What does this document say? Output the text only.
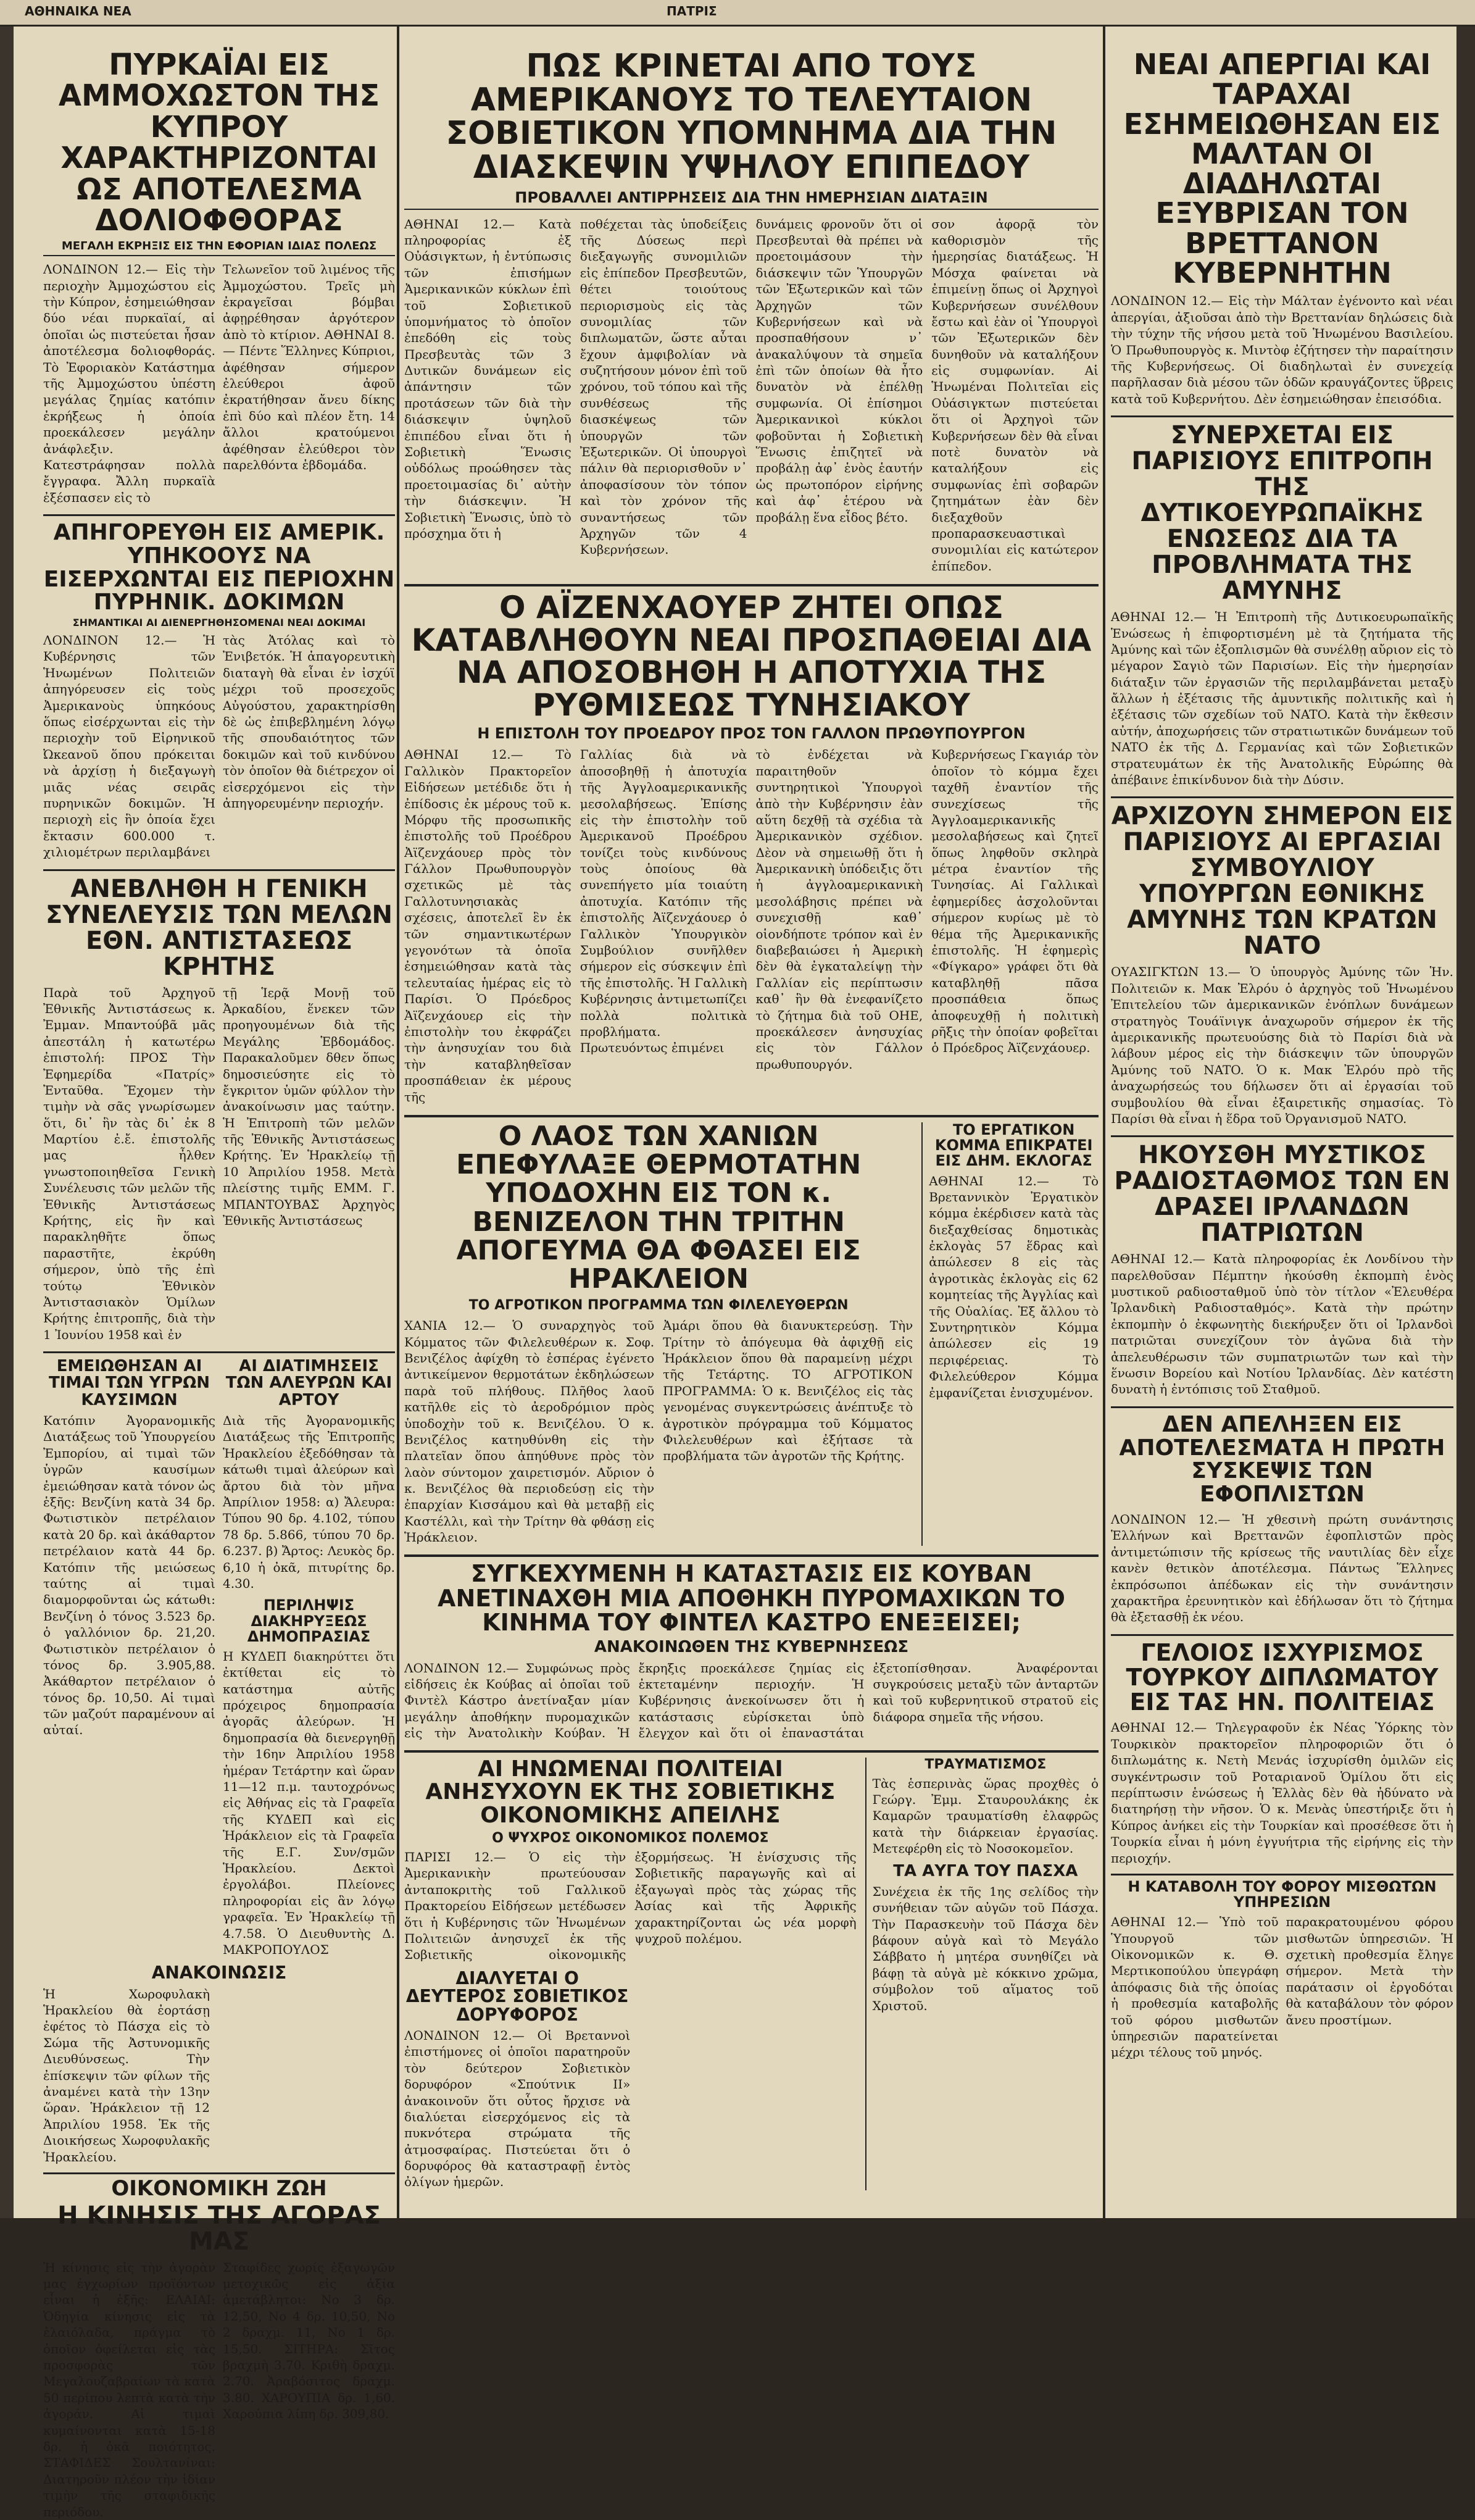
ΑΘΗΝΑΙΚΑ ΝΕΑ	ΠΑΤΡΙΣ
ΠΥΡΚΑΪΑΙ ΕΙΣ ΑΜΜΟΧΩΣΤΟΝ ΤΗΣ ΚΥΠΡΟΥ ΧΑΡΑΚΤΗΡΙΖΟΝΤΑΙ ΩΣ ΑΠΟΤΕΛΕΣΜΑ ΔΟΛΙΟΦΘΟΡΑΣ
ΜΕΓΑΛΗ ΕΚΡΗΞΙΣ ΕΙΣ ΤΗΝ ΕΦΟΡΙΑΝ ΙΔΙΑΣ ΠΟΛΕΩΣ
ΛΟΝΔΙΝΟΝ 12.— Εἰς τὴν περιοχὴν Ἀμμοχώστου εἰς τὴν Κύπρον, ἐσημειώθησαν δύο νέαι πυρκαϊαί, αἱ ὁποῖαι ὡς πιστεύεται ἦσαν ἀποτέλεσμα δολιοφθοράς. Τὸ Ἐφοριακὸν Κατάστημα τῆς Ἀμμοχώστου ὑπέστη μεγάλας ζημίας κατόπιν ἐκρήξεως ἡ ὁποία προεκάλεσεν μεγάλην ἀνάφλεξιν. Κατεστράφησαν πολλὰ ἔγγραφα. Ἄλλη πυρκαϊὰ ἐξέσπασεν εἰς τὸ
Τελωνεῖον τοῦ λιμένος τῆς Ἀμμοχώστου. Τρεῖς μὴ ἐκραγεῖσαι βόμβαι ἀφῃρέθησαν ἀργότερον ἀπὸ τὸ κτίριον. ΑΘΗΝΑΙ 8.— Πέντε Ἕλληνες Κύπριοι, ἀφέθησαν σήμερον ἐλεύθεροι ἀφοῦ ἐκρατήθησαν ἄνευ δίκης ἐπὶ δύο καὶ πλέον ἔτη. 14 ἄλλοι κρατούμενοι ἀφέθησαν ἐλεύθεροι τὸν παρελθόντα ἑβδομάδα.
ΑΠΗΓΟΡΕΥΘΗ ΕΙΣ ΑΜΕΡΙΚ. ΥΠΗΚΟΟΥΣ ΝΑ ΕΙΣΕΡΧΩΝΤΑΙ ΕΙΣ ΠΕΡΙΟΧΗΝ ΠΥΡΗΝΙΚ. ΔΟΚΙΜΩΝ
ΣΗΜΑΝΤΙΚΑΙ ΑΙ ΔΙΕΝΕΡΓΗΘΗΣΟΜΕΝΑΙ ΝΕΑΙ ΔΟΚΙΜΑΙ
ΛΟΝΔΙΝΟΝ 12.— Ἡ Κυβέρνησις τῶν Ἡνωμένων Πολιτειῶν ἀπηγόρευσεν εἰς τοὺς Ἀμερικανοὺς ὑπηκόους ὅπως εἰσέρχωνται εἰς τὴν περιοχὴν τοῦ Εἰρηνικοῦ Ὠκεανοῦ ὅπου πρόκειται νὰ ἀρχίσῃ ἡ διεξαγωγὴ μιᾶς νέας σειρᾶς πυρηνικῶν δοκιμῶν. Ἡ περιοχὴ εἰς ἣν ὁποία ἔχει ἔκτασιν 600.000 τ. χιλιομέτρων περιλαμβάνει
τὰς Ἀτόλας καὶ τὸ Ἐνιβετόκ. Ἡ ἀπαγορευτικὴ διαταγὴ θὰ εἶναι ἐν ἰσχύϊ μέχρι τοῦ προσεχοῦς Αὐγούστου, χαρακτηρίσθη δὲ ὡς ἐπιβεβλημένη λόγῳ τῆς σπουδαιότητος τῶν δοκιμῶν καὶ τοῦ κινδύνου τὸν ὁποῖον θὰ διέτρεχον οἱ εἰσερχόμενοι εἰς τὴν ἀπηγορευμένην περιοχήν.
ΑΝΕΒΛΗΘΗ Η ΓΕΝΙΚΗ ΣΥΝΕΛΕΥΣΙΣ ΤΩΝ ΜΕΛΩΝ ΕΘΝ. ΑΝΤΙΣΤΑΣΕΩΣ ΚΡΗΤΗΣ
Παρὰ τοῦ Ἀρχηγοῦ Ἐθνικῆς Ἀντιστάσεως κ. Ἐμμαν. Μπαντούβᾶ μᾶς ἀπεστάλη ἡ κατωτέρω ἐπιστολή: ΠΡΟΣ Τὴν Ἐφημερίδα «Πατρίς» Ἐνταῦθα. Ἔχομεν τὴν τιμὴν νὰ σᾶς γνωρίσωμεν ὅτι, δι᾽ ἣν τὰς δι᾽ ἐκ 8 Μαρτίου ἐ.ἔ. ἐπιστολῆς μας ἦλθεν γνωστοποιηθεῖσα Γενικὴ Συνέλευσις τῶν μελῶν τῆς Ἐθνικῆς Ἀντιστάσεως Κρήτης, εἰς ἣν καὶ παρακληθῆτε ὅπως παραστῆτε, ἐκρύθη σήμερον, ὑπὸ τῆς ἐπὶ τούτῳ Ἐθνικὸν Ἀντιστασιακὸν Ὁμίλων Κρήτης ἐπιτροπῆς, διὰ τὴν 1 Ἰουνίου 1958 καὶ ἐν
τῇ Ἱερᾷ Μονῇ τοῦ Ἀρκαδίου, ἕνεκεν τῶν προηγουμένων διὰ τῆς Μεγάλης Ἑβδομάδος. Παρακαλοῦμεν δθεν ὅπως δημοσιεύσητε εἰς τὸ ἔγκριτον ὑμῶν φύλλον τὴν ἀνακοίνωσιν μας ταύτην. Ἡ Ἐπιτροπὴ τῶν μελῶν τῆς Ἐθνικῆς Ἀντιστάσεως Κρήτης. Ἐν Ἡρακλείῳ τῇ 10 Ἀπριλίου 1958. Μετὰ πλείστης τιμῆς ΕΜΜ. Γ. ΜΠΑΝΤΟΥΒΑΣ Ἀρχηγὸς Ἐθνικῆς Ἀντιστάσεως
ΕΜΕΙΩΘΗΣΑΝ ΑΙ ΤΙΜΑΙ ΤΩΝ ΥΓΡΩΝ ΚΑΥΣΙΜΩΝ
Κατόπιν Ἀγορανομικῆς Διατάξεως τοῦ Ὑπουργείου Ἐμπορίου, αἱ τιμαὶ τῶν ὑγρῶν καυσίμων ἐμειώθησαν κατὰ τόνον ὡς ἑξῆς: Βενζίνη κατὰ 34 δρ. Φωτιστικὸν πετρέλαιον κατὰ 20 δρ. καὶ ἀκάθαρτον πετρέλαιον κατὰ 44 δρ. Κατόπιν τῆς μειώσεως ταύτης αἱ τιμαὶ διαμορφοῦνται ὡς κάτωθι: Βενζίνη ὁ τόνος 3.523 δρ. ὁ γαλλόνιον δρ. 21,20. Φωτιστικὸν πετρέλαιον ὁ τόνος δρ. 3.905,88. Ἀκάθαρτον πετρέλαιον ὁ τόνος δρ. 10,50. Αἱ τιμαὶ τῶν μαζούτ παραμένουν αἱ αὐταί.
ΑΙ ΔΙΑΤΙΜΗΣΕΙΣ ΤΩΝ ΑΛΕΥΡΩΝ ΚΑΙ ΑΡΤΟΥ
Διὰ τῆς Ἀγορανομικῆς Διατάξεως τῆς Ἐπιτροπῆς Ἡρακλείου ἐξεδόθησαν τὰ κάτωθι τιμαὶ ἀλεύρων καὶ ἄρτου διὰ τὸν μῆνα Ἀπρίλιον 1958: α) Ἄλευρα: Τύπου 90 δρ. 4.102, τύπου 78 δρ. 5.866, τύπου 70 δρ. 6.237. β) Ἄρτος: Λευκὸς δρ. 6,10 ἡ ὀκᾶ, πιτυρίτης δρ. 4.30.
ΠΕΡΙΛΗΨΙΣ ΔΙΑΚΗΡΥΞΕΩΣ ΔΗΜΟΠΡΑΣΙΑΣ
Η ΚΥΔΕΠ διακηρύττει ὅτι ἐκτίθεται εἰς τὸ κατάστημα αὐτῆς πρόχειρος δημοπρασία ἀγορᾶς ἀλεύρων. Ἡ δημοπρασία θὰ διενεργηθῇ τὴν 16ην Ἀπριλίου 1958 ἡμέραν Τετάρτην καὶ ὥραν 11—12 π.μ. ταυτοχρόνως εἰς Ἀθήνας εἰς τὰ Γραφεῖα τῆς ΚΥΔΕΠ καὶ εἰς Ἡράκλειον εἰς τὰ Γραφεῖα τῆς Ε.Γ. Συν/σμῶν Ἡρακλείου. Δεκτοὶ ἐργολάβοι. Πλείονες πληροφορίαι εἰς ἃν λόγῳ γραφεῖα. Ἐν Ἡρακλείῳ τῇ 4.7.58. Ὁ Διευθυντὴς Δ. ΜΑΚΡΟΠΟΥΛΟΣ
ΑΝΑΚΟΙΝΩΣΙΣ
Ἡ Χωροφυλακὴ Ἡρακλείου θὰ ἐορτάσῃ ἐφέτος τὸ Πάσχα εἰς τὸ Σώμα τῆς Ἀστυνομικῆς Διευθύνσεως. Τὴν ἐπίσκεψιν τῶν φίλων τῆς ἀναμένει κατὰ τὴν 13ην ὥραν. Ἡράκλειον τῇ 12 Ἀπριλίου 1958. Ἐκ τῆς Διοικήσεως Χωροφυλακῆς Ἡρακλείου.
ΟΙΚΟΝΟΜΙΚΗ ΖΩΗ
Η ΚΙΝΗΣΙΣ ΤΗΣ ΑΓΟΡΑΣ ΜΑΣ
Ἡ κίνησις εἰς τὴν ἀγορὰν μας ἐγχωρίων προϊόντων εἶναι ἡ ἑξῆς: ΕΛΑΙΑΙ: Ὁδηγία κίνησις εἰς τὰ ἐλαιόλαδα, πράγμα τὸ ὁποῖον ὀφείλεται εἰς τὰς προσφορὰς τῶν Μεγαλουζαβραίων τὰ κατὰ 50 περίπου λεπτὰ κατὰ τὴν ἀγοράν. Αἱ τιμαὶ κυμαίνονται κατὰ 15-18 δρ. ἡ ὀκᾶ ποιότητος. ΣΤΑΦΙΔΕΣ Σουλτανίναι: Διατηροῦν πλέον τὴν ἰδίαν τιμὴν τῆς σταφιδικῆς περιόδου.
Σταφίδες χωρίς ἐξαγωγῶν μετοχικῶς εἰς ἀξία ἀμετάβλητοι: Νο 3 δρ. 12,50, Νο 4 δρ. 10,50, Νο 2 δραχμ. 11, Νο 1 δρ. 15,50. ΣΙΤΗΡΑ: Σῖτος βραχμὴ 3.70. Κριθὴ δραχμ. 2.70. Ἀραβόσιτος δραχμ. 3.80. ΧΑΡΟΥΠΙΑ δρ. 1,60. Χαρούπια λίπη δρ. 309,80.
ΠΩΣ ΚΡΙΝΕΤΑΙ ΑΠΟ ΤΟΥΣ ΑΜΕΡΙΚΑΝΟΥΣ ΤΟ ΤΕΛΕΥΤΑΙΟΝ ΣΟΒΙΕΤΙΚΟΝ ΥΠΟΜΝΗΜΑ ΔΙΑ ΤΗΝ ΔΙΑΣΚΕΨΙΝ ΥΨΗΛΟΥ ΕΠΙΠΕΔΟΥ
ΠΡΟΒΑΛΛΕΙ ΑΝΤΙΡΡΗΣΕΙΣ ΔΙΑ ΤΗΝ ΗΜΕΡΗΣΙΑΝ ΔΙΑΤΑΞΙΝ
ΑΘΗΝΑΙ 12.— Κατὰ πληροφορίας ἐξ Οὐάσιγκτων, ἡ ἐντύπωσις τῶν ἐπισήμων Ἀμερικανικῶν κύκλων ἐπὶ τοῦ Σοβιετικοῦ ὑπομνήματος τὸ ὁποῖον ἐπεδόθη εἰς τοὺς Πρεσβευτὰς τῶν 3 Δυτικῶν δυνάμεων εἰς ἀπάντησιν τῶν προτάσεων τῶν διὰ τὴν διάσκεψιν ὑψηλοῦ ἐπιπέδου εἶναι ὅτι ἡ Σοβιετικὴ Ἕνωσις οὐδόλως προώθησεν τὰς προετοιμασίας δι᾽ αὐτὴν τὴν διάσκεψιν. Ἡ Σοβιετικὴ Ἕνωσις, ὑπὸ τὸ πρόσχημα ὅτι ἡ
ποθέχεται τὰς ὑποδείξεις τῆς Δύσεως περὶ διεξαγωγῆς συνομιλιῶν εἰς ἐπίπεδον Πρεσβευτῶν, θέτει τοιούτους περιορισμοὺς εἰς τὰς συνομιλίας τῶν διπλωματῶν, ὥστε αὗται ἔχουν ἀμφιβολίαν νὰ συζητήσουν μόνον ἐπὶ τοῦ χρόνου, τοῦ τόπου καὶ τῆς συνθέσεως τῆς διασκέψεως τῶν ὑπουργῶν τῶν Ἐξωτερικῶν. Οἱ ὑπουργοὶ πάλιν θὰ περιορισθοῦν ν᾽ ἀποφασίσουν τὸν τόπον καὶ τὸν χρόνον τῆς συναντήσεως τῶν Ἀρχηγῶν τῶν 4 Κυβερνήσεων.
δυνάμεις φρονοῦν ὅτι οἱ Πρεσβευταὶ θὰ πρέπει νὰ προετοιμάσουν τὴν διάσκεψιν τῶν Ὑπουργῶν τῶν Ἐξωτερικῶν καὶ τῶν Ἀρχηγῶν τῶν Κυβερνήσεων καὶ νὰ προσπαθήσουν ν᾽ ἀνακαλύψουν τὰ σημεῖα ἐπὶ τῶν ὁποίων θὰ ἦτο δυνατὸν νὰ ἐπέλθῃ συμφωνία. Οἱ ἐπίσημοι Ἀμερικανικοὶ κύκλοι φοβοῦνται ἡ Σοβιετικὴ Ἕνωσις ἐπιζητεῖ νὰ προβάλῃ ἀφ᾽ ἑνὸς ἑαυτήν ὡς πρωτοπόρον εἰρήνης καὶ ἀφ᾽ ἑτέρου νὰ προβάλῃ ἕνα εἶδος βέτο.
σον ἀφορᾷ τὸν καθορισμὸν τῆς ἡμερησίας διατάξεως. Ἡ Μόσχα φαίνεται νὰ ἐπιμείνῃ ὅπως οἱ Ἀρχηγοὶ Κυβερνήσεων συνέλθουν ἔστω καὶ ἐὰν οἱ Ὑπουργοὶ τῶν Ἐξωτερικῶν δὲν δυνηθοῦν νὰ καταλήξουν εἰς συμφωνίαν. Αἱ Ἡνωμέναι Πολιτεῖαι εἰς Οὐάσιγκτων πιστεύεται ὅτι οἱ Ἀρχηγοὶ τῶν Κυβερνήσεων δὲν θὰ εἶναι ποτὲ δυνατὸν νὰ καταλήξουν εἰς συμφωνίας ἐπὶ σοβαρῶν ζητημάτων ἐὰν δὲν διεξαχθοῦν προπαρασκευαστικαὶ συνομιλίαι εἰς κατώτερον ἐπίπεδον.
Ο ΑΪΖΕΝΧΑΟΥΕΡ ΖΗΤΕΙ ΟΠΩΣ ΚΑΤΑΒΛΗΘΟΥΝ ΝΕΑΙ ΠΡΟΣΠΑΘΕΙΑΙ ΔΙΑ ΝΑ ΑΠΟΣΟΒΗΘΗ Η ΑΠΟΤΥΧΙΑ ΤΗΣ ΡΥΘΜΙΣΕΩΣ ΤΥΝΗΣΙΑΚΟΥ
Η ΕΠΙΣΤΟΛΗ ΤΟΥ ΠΡΟΕΔΡΟΥ ΠΡΟΣ ΤΟΝ ΓΑΛΛΟΝ ΠΡΩΘΥΠΟΥΡΓΟΝ
ΑΘΗΝΑΙ 12.— Τὸ Γαλλικὸν Πρακτορεῖον Εἰδήσεων μετέδιδε ὅτι ἡ ἐπίδοσις ἐκ μέρους τοῦ κ. Μόρφυ τῆς προσωπικῆς ἐπιστολῆς τοῦ Προέδρου Ἀϊζενχάουερ πρὸς τὸν Γάλλον Πρωθυπουργὸν σχετικῶς μὲ τὰς Γαλλοτυνησιακὰς σχέσεις, ἀποτελεῖ ἓν ἐκ τῶν σημαντικωτέρων γεγονότων τὰ ὁποῖα ἐσημειώθησαν κατὰ τὰς τελευταίας ἡμέρας εἰς τὸ Παρίσι. Ὁ Πρόεδρος Ἀϊζενχάουερ εἰς τὴν ἐπιστολὴν του ἐκφράζει τὴν ἀνησυχίαν του διὰ τὴν καταβληθεῖσαν προσπάθειαν ἐκ μέρους τῆς
Γαλλίας διὰ νὰ ἀποσοβηθῇ ἡ ἀποτυχία τῆς Ἀγγλοαμερικανικῆς μεσολαβήσεως. Ἐπίσης εἰς τὴν ἐπιστολὴν τοῦ Ἀμερικανοῦ Προέδρου τονίζει τοὺς κινδύνους τοὺς ὁποίους θὰ συνεπήγετο μία τοιαύτη ἀποτυχία. Κατόπιν τῆς ἐπιστολῆς Ἀϊζενχάουερ ὁ Γαλλικὸν Ὑπουργικὸν Συμβούλιον συνῆλθεν σήμερον εἰς σύσκεψιν ἐπὶ τῆς ἐπιστολῆς. Ἡ Γαλλικὴ Κυβέρνησις ἀντιμετωπίζει πολλὰ πολιτικὰ προβλήματα. Πρωτευόντως ἐπιμένει
τὸ ἐνδέχεται νὰ παραιτηθοῦν συντηρητικοὶ Ὑπουργοὶ ἀπὸ τὴν Κυβέρνησιν ἐὰν αὕτη δεχθῇ τὰ σχέδια τὰ Ἀμερικανικὸν σχέδιον. Δὲον νὰ σημειωθῇ ὅτι ἡ Ἀμερικανικὴ ὑπόδειξις ὅτι ἡ ἀγγλοαμερικανικὴ μεσολάβησις πρέπει νὰ συνεχισθῇ καθ᾽ οἱονδήποτε τρόπον καὶ ἐν διαβεβαιώσει ἡ Ἀμερικὴ δὲν θὰ ἐγκαταλείψῃ τὴν Γαλλίαν εἰς περίπτωσιν καθ᾽ ἣν θὰ ἐνεφανίζετο τὸ ζήτημα διὰ τοῦ ΟΗΕ, προεκάλεσεν ἀνησυχίας εἰς τὸν Γάλλον πρωθυπουργόν.
Κυβερνήσεως Γκαγιάρ τὸν ὁποῖον τὸ κόμμα ἔχει ταχθῆ ἐναντίον τῆς συνεχίσεως τῆς Ἀγγλοαμερικανικῆς μεσολαβήσεως καὶ ζητεῖ ὅπως ληφθοῦν σκληρὰ μέτρα ἐναντίον τῆς Τυνησίας. Αἱ Γαλλικαὶ ἐφημερίδες ἀσχολοῦνται σήμερον κυρίως μὲ τὸ θέμα τῆς Ἀμερικανικῆς ἐπιστολῆς. Ἡ ἐφημερὶς «Φίγκαρο» γράφει ὅτι θὰ καταβληθῇ πᾶσα προσπάθεια ὅπως ἀποφευχθῇ ἡ πολιτικὴ ρῆξις τὴν ὁποίαν φοβεῖται ὁ Πρόεδρος Ἀϊζενχάουερ.
Ο ΛΑΟΣ ΤΩΝ ΧΑΝΙΩΝ ΕΠΕΦΥΛΑΞΕ ΘΕΡΜΟΤΑΤΗΝ ΥΠΟΔΟΧΗΝ ΕΙΣ ΤΟΝ κ. ΒΕΝΙΖΕΛΟΝ ΤΗΝ ΤΡΙΤΗΝ ΑΠΟΓΕΥΜΑ ΘΑ ΦΘΑΣΕΙ ΕΙΣ ΗΡΑΚΛΕΙΟΝ
ΤΟ ΑΓΡΟΤΙΚΟΝ ΠΡΟΓΡΑΜΜΑ ΤΩΝ ΦΙΛΕΛΕΥΘΕΡΩΝ
ΧΑΝΙΑ 12.— Ὁ συναρχηγὸς τοῦ Κόμματος τῶν Φιλελευθέρων κ. Σοφ. Βενιζέλος ἀφίχθη τὸ ἑσπέρας ἐγένετο ἀντικείμενον θερμοτάτων ἐκδηλώσεων παρὰ τοῦ πλήθους. Πλῆθος λαοῦ κατῆλθε εἰς τὸ ἀεροδρόμιον πρὸς ὑποδοχὴν τοῦ κ. Βενιζέλου. Ὁ κ. Βενιζέλος κατηυθύνθη εἰς τὴν πλατεῖαν ὅπου ἀπηύθυνε πρὸς τὸν λαὸν σύντομον χαιρετισμόν. Αὔριον ὁ κ. Βενιζέλος θὰ περιοδεύσῃ εἰς τὴν ἐπαρχίαν Κισσάμου καὶ θὰ μεταβῇ εἰς Καστέλλι, καὶ τὴν Τρίτην θὰ φθάσῃ εἰς Ἡράκλειον.
Ἀμάρι ὅπου θὰ διανυκτερεύσῃ. Τὴν Τρίτην τὸ ἀπόγευμα θὰ ἀφιχθῇ εἰς Ἡράκλειον ὅπου θὰ παραμείνῃ μέχρι τῆς Τετάρτης. ΤΟ ΑΓΡΟΤΙΚΟΝ ΠΡΟΓΡΑΜΜΑ: Ὁ κ. Βενιζέλος εἰς τὰς γενομένας συγκεντρώσεις ἀνέπτυξε τὸ ἀγροτικὸν πρόγραμμα τοῦ Κόμματος Φιλελευθέρων καὶ ἐξήτασε τὰ προβλήματα τῶν ἀγροτῶν τῆς Κρήτης.
ΤΟ ΕΡΓΑΤΙΚΟΝ ΚΟΜΜΑ ΕΠΙΚΡΑΤΕΙ ΕΙΣ ΔΗΜ. ΕΚΛΟΓΑΣ
ΑΘΗΝΑΙ 12.— Τὸ Βρεταννικὸν Ἐργατικὸν κόμμα ἐκέρδισεν κατὰ τὰς διεξαχθείσας δημοτικὰς ἐκλογὰς 57 ἕδρας καὶ ἀπώλεσεν 8 εἰς τὰς ἀγροτικὰς ἐκλογὰς εἰς 62 κομητείας τῆς Ἀγγλίας καὶ τῆς Οὐαλίας. Ἐξ ἄλλου τὸ Συντηρητικὸν Κόμμα ἀπώλεσεν εἰς 19 περιφέρειας. Τὸ Φιλελεύθερον Κόμμα ἐμφανίζεται ἐνισχυμένον.
ΣΥΓΚΕΧΥΜΕΝΗ Η ΚΑΤΑΣΤΑΣΙΣ ΕΙΣ ΚΟΥΒΑΝ ΑΝΕΤΙΝΑΧΘΗ ΜΙΑ ΑΠΟΘΗΚΗ ΠΥΡΟΜΑΧΙΚΩΝ ΤΟ ΚΙΝΗΜΑ ΤΟΥ ΦΙΝΤΕΛ ΚΑΣΤΡΟ ΕΝΕΞΕΙΣΕΙ;
ΑΝΑΚΟΙΝΩΘΕΝ ΤΗΣ ΚΥΒΕΡΝΗΣΕΩΣ
ΛΟΝΔΙΝΟΝ 12.— Συμφώνως πρὸς εἰδήσεις ἐκ Κούβας αἱ ὁποῖαι τοῦ Φιντὲλ Κάστρο ἀνετίναξαν μίαν μεγάλην ἀποθήκην πυρομαχικῶν εἰς τὴν Ἀνατολικὴν Κούβαν. Ἡ ἔκρηξις προεκάλεσε ζημίας εἰς ἐκτεταμένην περιοχήν. Ἡ Κυβέρνησις ἀνεκοίνωσεν ὅτι ἡ κατάστασις εὑρίσκεται ὑπὸ ἔλεγχον καὶ ὅτι οἱ ἐπαναστάται ἐξετοπίσθησαν. Ἀναφέρονται συγκρούσεις μεταξὺ τῶν ἀνταρτῶν καὶ τοῦ κυβερνητικοῦ στρατοῦ εἰς διάφορα σημεῖα τῆς νήσου.
ΑΙ ΗΝΩΜΕΝΑΙ ΠΟΛΙΤΕΙΑΙ ΑΝΗΣΥΧΟΥΝ ΕΚ ΤΗΣ ΣΟΒΙΕΤΙΚΗΣ ΟΙΚΟΝΟΜΙΚΗΣ ΑΠΕΙΛΗΣ
Ο ΨΥΧΡΟΣ ΟΙΚΟΝΟΜΙΚΟΣ ΠΟΛΕΜΟΣ
ΠΑΡΙΣΙ 12.— Ὁ εἰς τὴν Ἀμερικανικὴν πρωτεύουσαν ἀνταποκριτὴς τοῦ Γαλλικοῦ Πρακτορείου Εἰδήσεων μετέδωσεν ὅτι ἡ Κυβέρνησις τῶν Ἡνωμένων Πολιτειῶν ἀνησυχεῖ ἐκ τῆς Σοβιετικῆς οἰκονομικῆς ἐξορμήσεως. Ἡ ἐνίσχυσις τῆς Σοβιετικῆς παραγωγῆς καὶ αἱ ἐξαγωγαὶ πρὸς τὰς χώρας τῆς Ἀσίας καὶ τῆς Ἀφρικῆς χαρακτηρίζονται ὡς νέα μορφὴ ψυχροῦ πολέμου.
ΔΙΑΛΥΕΤΑΙ Ο ΔΕΥΤΕΡΟΣ ΣΟΒΙΕΤΙΚΟΣ ΔΟΡΥΦΟΡΟΣ
ΛΟΝΔΙΝΟΝ 12.— Οἱ Βρεταννοὶ ἐπιστήμονες οἱ ὁποῖοι παρατηροῦν τὸν δεύτερον Σοβιετικὸν δορυφόρον «Σπούτνικ ΙΙ» ἀνακοινοῦν ὅτι οὗτος ἤρχισε νὰ διαλύεται εἰσερχόμενος εἰς τὰ πυκνότερα στρώματα τῆς ἀτμοσφαίρας. Πιστεύεται ὅτι ὁ δορυφόρος θὰ καταστραφῇ ἐντὸς ὀλίγων ἡμερῶν.
ΤΡΑΥΜΑΤΙΣΜΟΣ
Τὰς ἑσπερινὰς ὥρας προχθὲς ὁ Γεώργ. Ἐμμ. Σταυρουλάκης ἐκ Καμαρῶν τραυματίσθη ἐλαφρῶς κατὰ τὴν διάρκειαν ἐργασίας. Μετεφέρθη εἰς τὸ Νοσοκομεῖον.
ΤΑ ΑΥΓΑ ΤΟΥ ΠΑΣΧΑ
Συνέχεια ἐκ τῆς 1ης σελίδος τὴν συνήθειαν τῶν αὐγῶν τοῦ Πάσχα. Τὴν Παρασκευὴν τοῦ Πάσχα δὲν βάφουν αὐγὰ καὶ τὸ Μεγάλο Σάββατο ἡ μητέρα συνηθίζει νὰ βάφῃ τὰ αὐγὰ μὲ κόκκινο χρῶμα, σύμβολον τοῦ αἵματος τοῦ Χριστοῦ.
ΝΕΑΙ ΑΠΕΡΓΙΑΙ ΚΑΙ ΤΑΡΑΧΑΙ ΕΣΗΜΕΙΩΘΗΣΑΝ ΕΙΣ ΜΑΛΤΑΝ ΟΙ ΔΙΑΔΗΛΩΤΑΙ ΕΞΥΒΡΙΣΑΝ ΤΟΝ ΒΡΕΤΤΑΝΟΝ ΚΥΒΕΡΝΗΤΗΝ
ΛΟΝΔΙΝΟΝ 12.— Εἰς τὴν Μάλταν ἐγένοντο καὶ νέαι ἀπεργίαι, ἀξιοῦσαι ἀπὸ τὴν Βρεττανίαν δηλώσεις διὰ τὴν τύχην τῆς νήσου μετὰ τοῦ Ἡνωμένου Βασιλείου. Ὁ Πρωθυπουργὸς κ. Μιντὸφ ἐζήτησεν τὴν παραίτησιν τῆς Κυβερνήσεως. Οἱ διαδηλωταὶ ἐν συνεχείᾳ παρῆλασαν διὰ μέσου τῶν ὁδῶν κραυγάζοντες ὕβρεις κατὰ τοῦ Κυβερνήτου. Δὲν ἐσημειώθησαν ἐπεισόδια.
ΣΥΝΕΡΧΕΤΑΙ ΕΙΣ ΠΑΡΙΣΙΟΥΣ ΕΠΙΤΡΟΠΗ ΤΗΣ ΔΥΤΙΚΟΕΥΡΩΠΑΪΚΗΣ ΕΝΩΣΕΩΣ ΔΙΑ ΤΑ ΠΡΟΒΛΗΜΑΤΑ ΤΗΣ ΑΜΥΝΗΣ
ΑΘΗΝΑΙ 12.— Ἡ Ἐπιτροπὴ τῆς Δυτικοευρωπαϊκῆς Ἑνώσεως ἡ ἐπιφορτισμένη μὲ τὰ ζητήματα τῆς Ἀμύνης καὶ τῶν ἐξοπλισμῶν θὰ συνέλθῃ αὔριον εἰς τὸ μέγαρον Σαγιὸ τῶν Παρισίων. Εἰς τὴν ἡμερησίαν διάταξιν τῶν ἐργασιῶν τῆς περιλαμβάνεται μεταξὺ ἄλλων ἡ ἐξέτασις τῆς ἀμυντικῆς πολιτικῆς καὶ ἡ ἐξέτασις τῶν σχεδίων τοῦ NATO. Κατὰ τὴν ἔκθεσιν αὐτήν, ἀποχωρήσεις τῶν στρατιωτικῶν δυνάμεων τοῦ NATO ἐκ τῆς Δ. Γερμανίας καὶ τῶν Σοβιετικῶν στρατευμάτων ἐκ τῆς Ἀνατολικῆς Εὐρώπης θὰ ἀπέβαινε ἐπικίνδυνον διὰ τὴν Δύσιν.
ΑΡΧΙΖΟΥΝ ΣΗΜΕΡΟΝ ΕΙΣ ΠΑΡΙΣΙΟΥΣ ΑΙ ΕΡΓΑΣΙΑΙ ΣΥΜΒΟΥΛΙΟΥ ΥΠΟΥΡΓΩΝ ΕΘΝΙΚΗΣ ΑΜΥΝΗΣ ΤΩΝ ΚΡΑΤΩΝ ΝΑΤΟ
ΟΥΑΣΙΓΚΤΩΝ 13.— Ὁ ὑπουργὸς Ἀμύνης τῶν Ἡν. Πολιτειῶν κ. Μακ Ἐλρόυ ὁ ἀρχηγὸς τοῦ Ἡνωμένου Ἐπιτελείου τῶν ἀμερικανικῶν ἐνόπλων δυνάμεων στρατηγὸς Τουάϊνιγκ ἀναχωροῦν σήμερον ἐκ τῆς ἀμερικανικῆς πρωτευούσης διὰ τὸ Παρίσι διὰ νὰ λάβουν μέρος εἰς τὴν διάσκεψιν τῶν ὑπουργῶν Ἀμύνης τοῦ NATO. Ὁ κ. Μακ Ἐλρόυ πρὸ τῆς ἀναχωρήσεώς του δήλωσεν ὅτι αἱ ἐργασίαι τοῦ συμβουλίου θὰ εἶναι ἐξαιρετικῆς σημασίας. Τὸ Παρίσι θὰ εἶναι ἡ ἕδρα τοῦ Ὀργανισμοῦ NATO.
ΗΚΟΥΣΘΗ ΜΥΣΤΙΚΟΣ ΡΑΔΙΟΣΤΑΘΜΟΣ ΤΩΝ ΕΝ ΔΡΑΣΕΙ ΙΡΛΑΝΔΩΝ ΠΑΤΡΙΩΤΩΝ
ΑΘΗΝΑΙ 12.— Κατὰ πληροφορίας ἐκ Λονδίνου τὴν παρελθοῦσαν Πέμπτην ἠκούσθη ἐκπομπὴ ἑνὸς μυστικοῦ ραδιοσταθμοῦ ὑπὸ τὸν τίτλον «Ἐλευθέρα Ἰρλανδικὴ Ραδιοσταθμός». Κατὰ τὴν πρώτην ἐκπομπὴν ὁ ἐκφωνητὴς διεκήρυξεν ὅτι οἱ Ἰρλανδοὶ πατριῶται συνεχίζουν τὸν ἀγῶνα διὰ τὴν ἀπελευθέρωσιν τῶν συμπατριωτῶν των καὶ τὴν ἕνωσιν Βορείου καὶ Νοτίου Ἰρλανδίας. Δὲν κατέστη δυνατὴ ἡ ἐντόπισις τοῦ Σταθμοῦ.
ΔΕΝ ΑΠΕΛΗΞΕΝ ΕΙΣ ΑΠΟΤΕΛΕΣΜΑΤΑ Η ΠΡΩΤΗ ΣΥΣΚΕΨΙΣ ΤΩΝ ΕΦΟΠΛΙΣΤΩΝ
ΛΟΝΔΙΝΟΝ 12.— Ἡ χθεσινὴ πρώτη συνάντησις Ἑλλήνων καὶ Βρεττανῶν ἐφοπλιστῶν πρὸς ἀντιμετώπισιν τῆς κρίσεως τῆς ναυτιλίας δὲν εἶχε κανὲν θετικὸν ἀποτέλεσμα. Πάντως Ἕλληνες ἐκπρόσωποι ἀπέδωκαν εἰς τὴν συνάντησιν χαρακτῆρα ἐρευνητικὸν καὶ ἐδήλωσαν ὅτι τὸ ζήτημα θὰ ἐξετασθῇ ἐκ νέου.
ΓΕΛΟΙΟΣ ΙΣΧΥΡΙΣΜΟΣ ΤΟΥΡΚΟΥ ΔΙΠΛΩΜΑΤΟΥ ΕΙΣ ΤΑΣ ΗΝ. ΠΟΛΙΤΕΙΑΣ
ΑΘΗΝΑΙ 12.— Τηλεγραφοῦν ἐκ Νέας Ὑόρκης τὸν Τουρκικὸν πρακτορεῖον πληροφοριῶν ὅτι ὁ διπλωμάτης κ. Νετὴ Μενάς ἰσχυρίσθη ὁμιλῶν εἰς συγκέντρωσιν τοῦ Ροταριανοῦ Ὁμίλου ὅτι εἰς περίπτωσιν ἑνώσεως ἡ Ἑλλὰς δὲν θὰ ἠδύνατο νὰ διατηρήσῃ τὴν νῆσον. Ὁ κ. Μενὰς ὑπεστήριξε ὅτι ἡ Κύπρος ἀνήκει εἰς τὴν Τουρκίαν καὶ προσέθεσε ὅτι ἡ Τουρκία εἶναι ἡ μόνη ἐγγυήτρια τῆς εἰρήνης εἰς τὴν περιοχήν.
Η ΚΑΤΑΒΟΛΗ ΤΟΥ ΦΟΡΟΥ ΜΙΣΘΩΤΩΝ ΥΠΗΡΕΣΙΩΝ
ΑΘΗΝΑΙ 12.— Ὑπὸ τοῦ Ὑπουργοῦ τῶν Οἰκονομικῶν κ. Θ. Μερτικοπούλου ὑπεγράφη ἀπόφασις διὰ τῆς ὁποίας ἡ προθεσμία καταβολῆς τοῦ φόρου μισθωτῶν ὑπηρεσιῶν παρατείνεται μέχρι τέλους τοῦ μηνός.
παρακρατουμένου φόρου μισθωτῶν ὑπηρεσιῶν. Ἡ σχετικὴ προθεσμία ἔληγε σήμερον. Μετὰ τὴν παράτασιν οἱ ἐργοδόται θὰ καταβάλουν τὸν φόρον ἄνευ προστίμων.
